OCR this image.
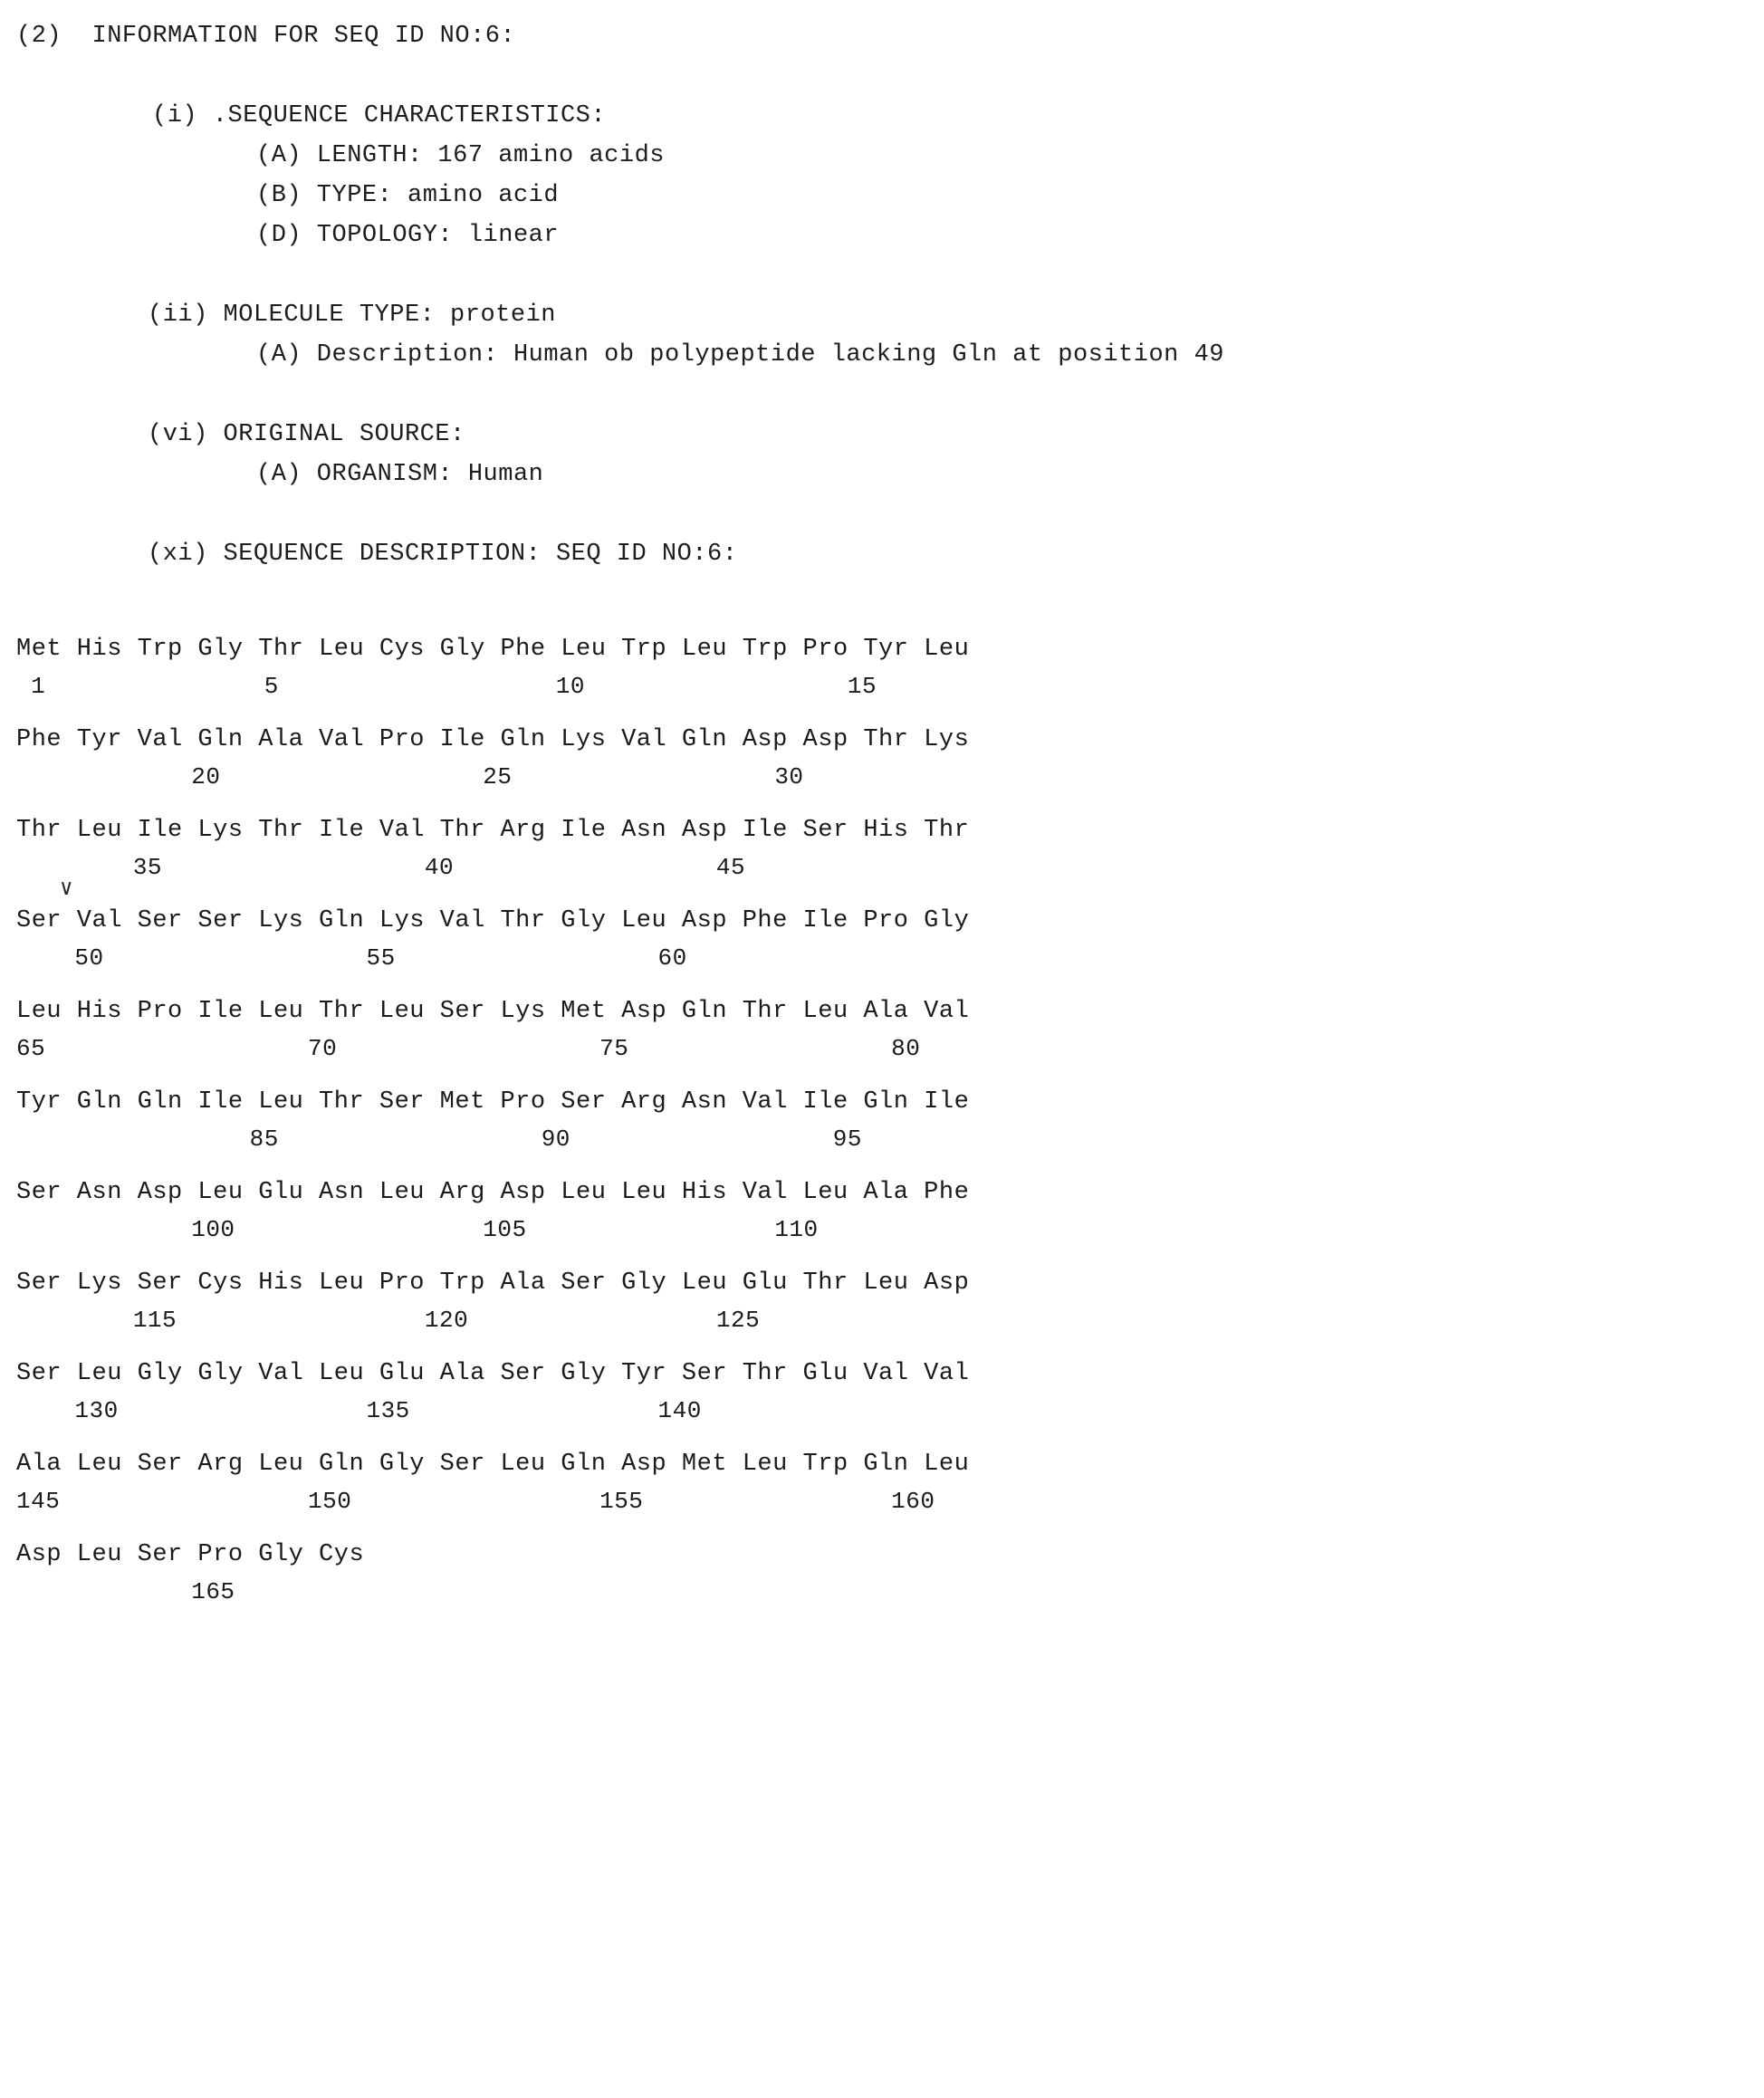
(2)  INFORMATION FOR SEQ ID NO:6:
(i) .SEQUENCE CHARACTERISTICS:
(A) LENGTH: 167 amino acids
(B) TYPE: amino acid
(D) TOPOLOGY: linear
(ii) MOLECULE TYPE: protein
(A) Description: Human ob polypeptide lacking Gln at position 49
(vi) ORIGINAL SOURCE:
(A) ORGANISM: Human
(xi) SEQUENCE DESCRIPTION: SEQ ID NO:6:
Met His Trp Gly Thr Leu Cys Gly Phe Leu Trp Leu Trp Pro Tyr Leu
1               5                   10                  15
Phe Tyr Val Gln Ala Val Pro Ile Gln Lys Val Gln Asp Asp Thr Lys
20                  25                  30
Thr Leu Ile Lys Thr Ile Val Thr Arg Ile Asn Asp Ile Ser His Thr
35                  40                  45
∨
Ser Val Ser Ser Lys Gln Lys Val Thr Gly Leu Asp Phe Ile Pro Gly
50                  55                  60
Leu His Pro Ile Leu Thr Leu Ser Lys Met Asp Gln Thr Leu Ala Val
65                  70                  75                  80
Tyr Gln Gln Ile Leu Thr Ser Met Pro Ser Arg Asn Val Ile Gln Ile
85                  90                  95
Ser Asn Asp Leu Glu Asn Leu Arg Asp Leu Leu His Val Leu Ala Phe
100                 105                 110
Ser Lys Ser Cys His Leu Pro Trp Ala Ser Gly Leu Glu Thr Leu Asp
115                 120                 125
Ser Leu Gly Gly Val Leu Glu Ala Ser Gly Tyr Ser Thr Glu Val Val
130                 135                 140
Ala Leu Ser Arg Leu Gln Gly Ser Leu Gln Asp Met Leu Trp Gln Leu
145                 150                 155                 160
Asp Leu Ser Pro Gly Cys
165
